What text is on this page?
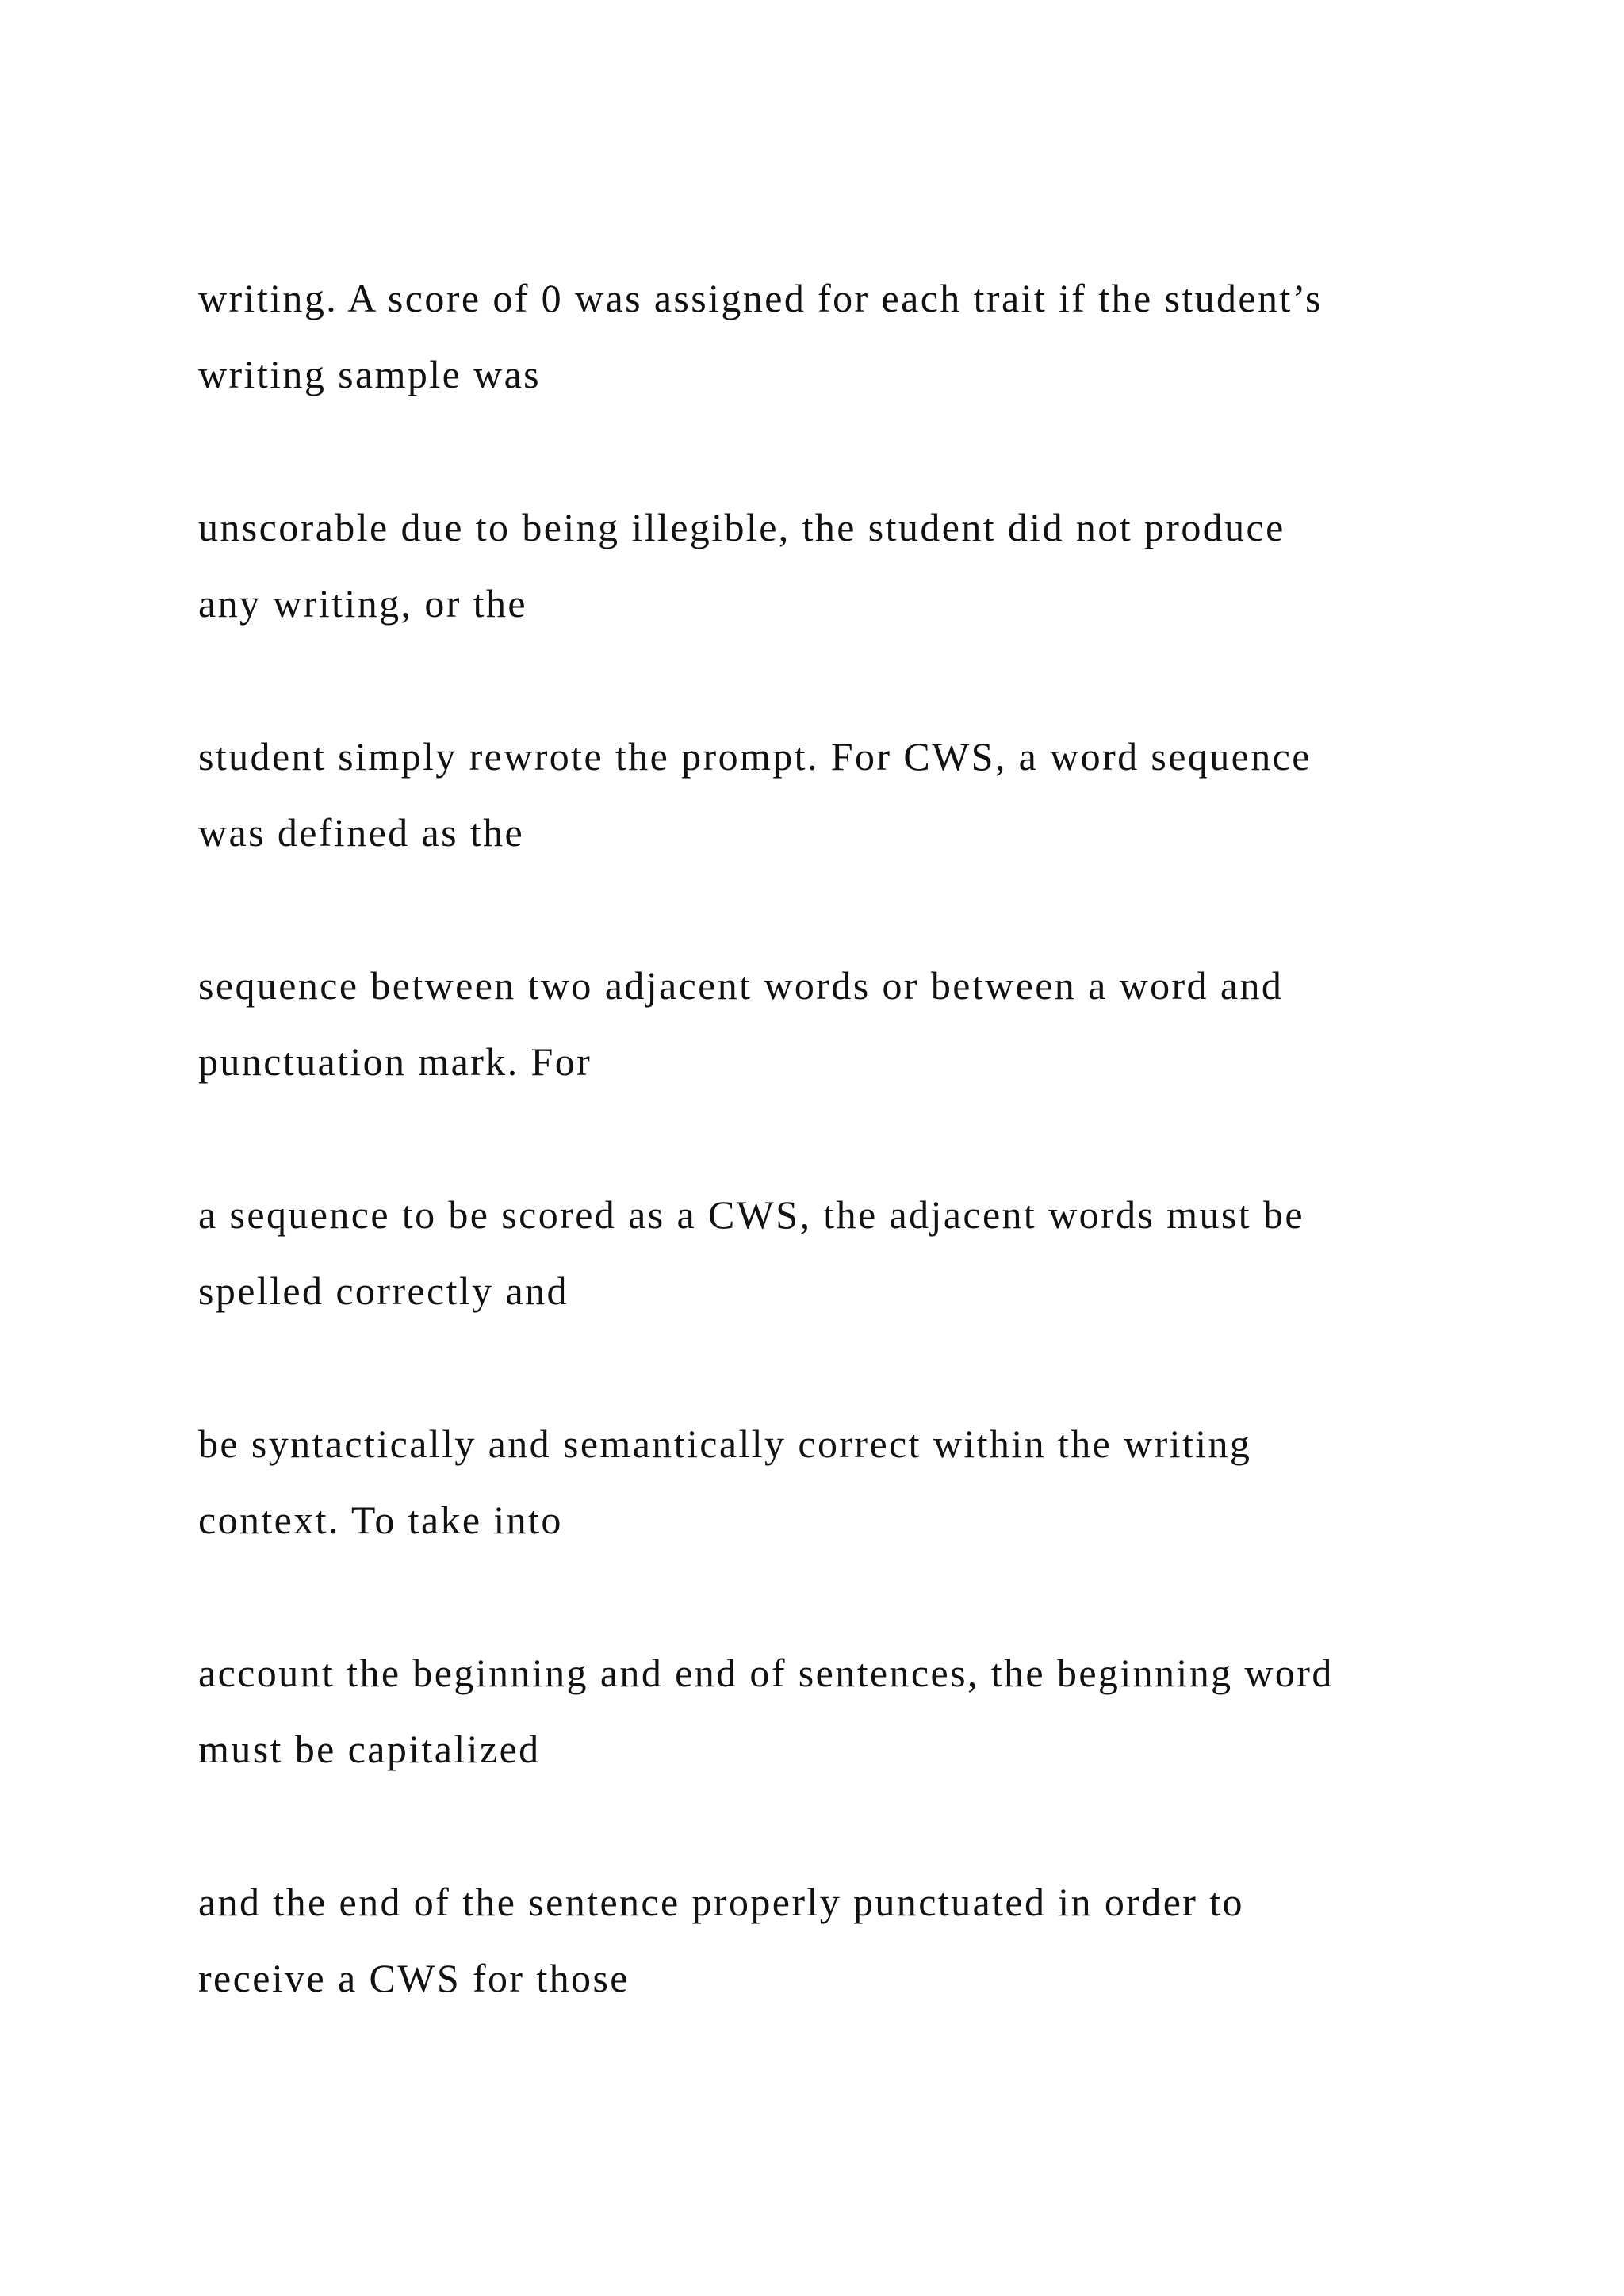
writing. A score of 0 was assigned for each trait if the student’s
writing sample was

unscorable due to being illegible, the student did not produce
any writing, or the

student simply rewrote the prompt. For CWS, a word sequence
was defined as the

sequence between two adjacent words or between a word and
punctuation mark. For

a sequence to be scored as a CWS, the adjacent words must be
spelled correctly and

be syntactically and semantically correct within the writing
context. To take into

account the beginning and end of sentences, the beginning word
must be capitalized

and the end of the sentence properly punctuated in order to
receive a CWS for those
